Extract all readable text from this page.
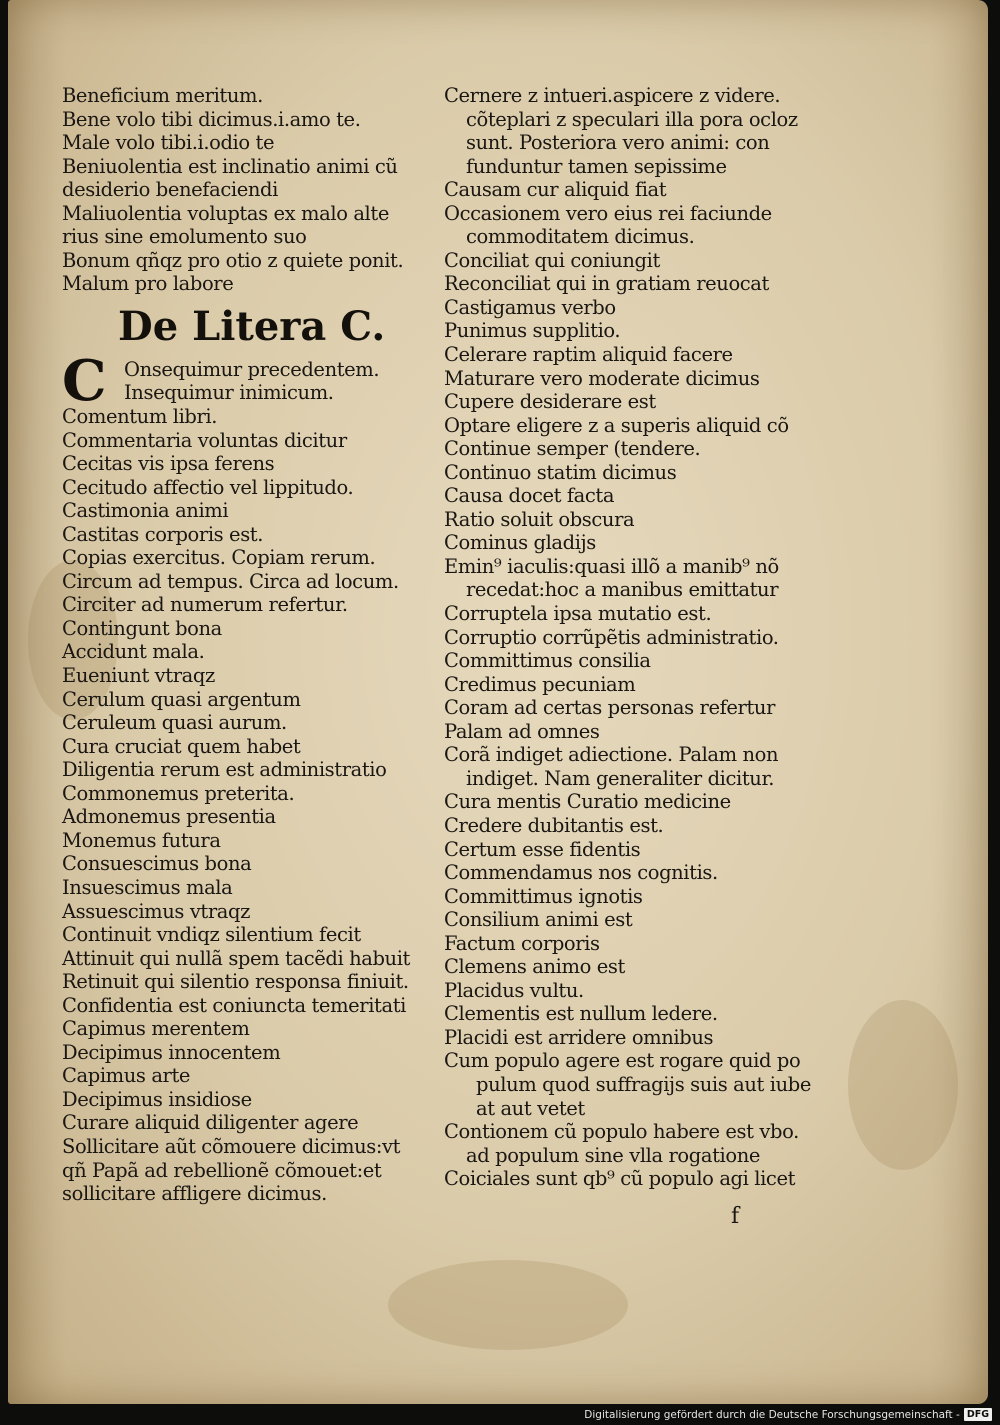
Beneficium meritum.
Bene volo tibi dicimus.i.amo te.
Male volo tibi.i.odio te
Beniuolentia est inclinatio animi cũ
desiderio benefaciendi
Maliuolentia voluptas ex malo alte
rius sine emolumento suo
Bonum qñqz pro otio z quiete ponit.
Malum pro labore
De Litera C.
C Onsequimur precedentem.
Insequimur inimicum.
Comentum libri.
Commentaria voluntas dicitur
Cecitas vis ipsa ferens
Cecitudo affectio vel lippitudo.
Castimonia animi
Castitas corporis est.
Copias exercitus. Copiam rerum.
Circum ad tempus. Circa ad locum.
Circiter ad numerum refertur.
Contingunt bona
Accidunt mala.
Eueniunt vtraqz
Cerulum quasi argentum
Ceruleum quasi aurum.
Cura cruciat quem habet
Diligentia rerum est administratio
Commonemus preterita.
Admonemus presentia
Monemus futura
Consuescimus bona
Insuescimus mala
Assuescimus vtraqz
Continuit vndiqz silentium fecit
Attinuit qui nullã spem tacẽdi habuit
Retinuit qui silentio responsa finiuit.
Confidentia est coniuncta temeritati
Capimus merentem
Decipimus innocentem
Capimus arte
Decipimus insidiose
Curare aliquid diligenter agere
Sollicitare aũt cõmouere dicimus:vt
qñ Papã ad rebellionẽ cõmouet:et
sollicitare affligere dicimus.
Cernere z intueri.aspicere z videre.
cõteplari z speculari illa pora ocloz
sunt. Posteriora vero animi: con
funduntur tamen sepissime
Causam cur aliquid fiat
Occasionem vero eius rei faciunde
commoditatem dicimus.
Conciliat qui coniungit
Reconciliat qui in gratiam reuocat
Castigamus verbo
Punimus supplitio.
Celerare raptim aliquid facere
Maturare vero moderate dicimus
Cupere desiderare est
Optare eligere z a superis aliquid cõ
Continue semper (tendere.
Continuo statim dicimus
Causa docet facta
Ratio soluit obscura
Cominus gladijs
Emin⁹ iaculis:quasi illõ a manib⁹ nõ
recedat:hoc a manibus emittatur
Corruptela ipsa mutatio est.
Corruptio corrũpẽtis administratio.
Committimus consilia
Credimus pecuniam
Coram ad certas personas refertur
Palam ad omnes
Corã indiget adiectione. Palam non
indiget. Nam generaliter dicitur.
Cura mentis Curatio medicine
Credere dubitantis est.
Certum esse fidentis
Commendamus nos cognitis.
Committimus ignotis
Consilium animi est
Factum corporis
Clemens animo est
Placidus vultu.
Clementis est nullum ledere.
Placidi est arridere omnibus
Cum populo agere est rogare quid po
pulum quod suffragijs suis aut iube
at aut vetet
Contionem cũ populo habere est vbo.
ad populum sine vlla rogatione
Coiciales sunt qb⁹ cũ populo agi licet
f
Digitalisierung gefördert durch die Deutsche Forschungsgemeinschaft - DFG
